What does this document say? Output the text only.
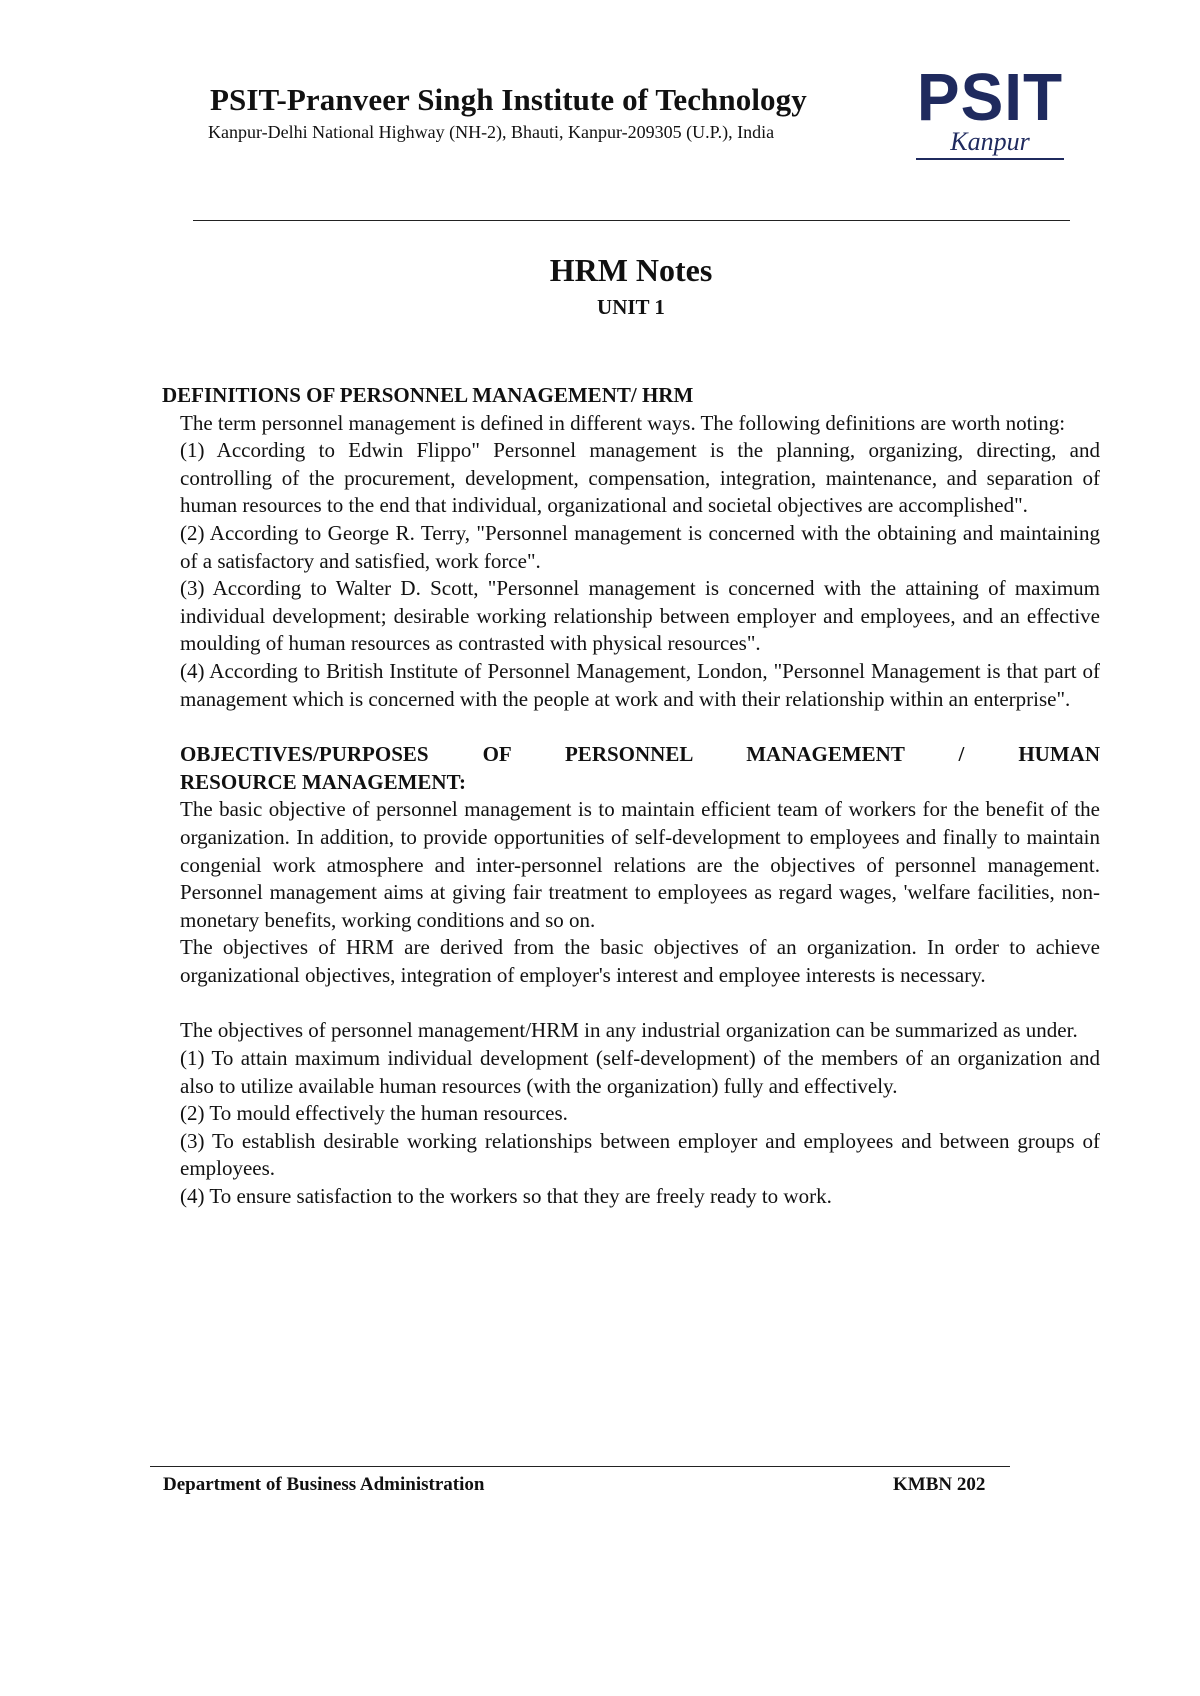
PSIT-Pranveer Singh Institute of Technology
Kanpur-Delhi National Highway (NH-2), Bhauti, Kanpur-209305 (U.P.), India PSIT
Kanpur
HRM Notes
UNIT 1
DEFINITIONS OF PERSONNEL MANAGEMENT/ HRM

The term personnel management is defined in different ways. The following definitions are worth noting:

(1) According to Edwin Flippo" Personnel management is the planning, organizing, directing, and controlling of the procurement, development, compensation, integration, maintenance, and separation of human resources to the end that individual, organizational and societal objectives are accomplished".

(2) According to George R. Terry, "Personnel management is concerned with the obtaining and maintaining of a satisfactory and satisfied, work force".

(3) According to Walter D. Scott, "Personnel management is concerned with the attaining of maximum individual development; desirable working relationship between employer and employees, and an effective moulding of human resources as contrasted with physical resources".

(4) According to British Institute of Personnel Management, London, "Personnel Management is that part of management which is concerned with the people at work and with their relationship within an enterprise".

OBJECTIVES/PURPOSES OF PERSONNEL MANAGEMENT / HUMAN
RESOURCE MANAGEMENT:

The basic objective of personnel management is to maintain efficient team of workers for the benefit of the organization. In addition, to provide opportunities of self-development to employees and finally to maintain congenial work atmosphere and inter-personnel relations are the objectives of personnel management. Personnel management aims at giving fair treatment to employees as regard wages, 'welfare facilities, non-monetary benefits, working conditions and so on.

The objectives of HRM are derived from the basic objectives of an organization. In order to achieve organizational objectives, integration of employer's interest and employee interests is necessary.

The objectives of personnel management/HRM in any industrial organization can be summarized as under.

(1) To attain maximum individual development (self-development) of the members of an organization and also to utilize available human resources (with the organization) fully and effectively.

(2) To mould effectively the human resources.

(3) To establish desirable working relationships between employer and employees and between groups of employees.

(4) To ensure satisfaction to the workers so that they are freely ready to work.

Department of Business Administration	KMBN 202
